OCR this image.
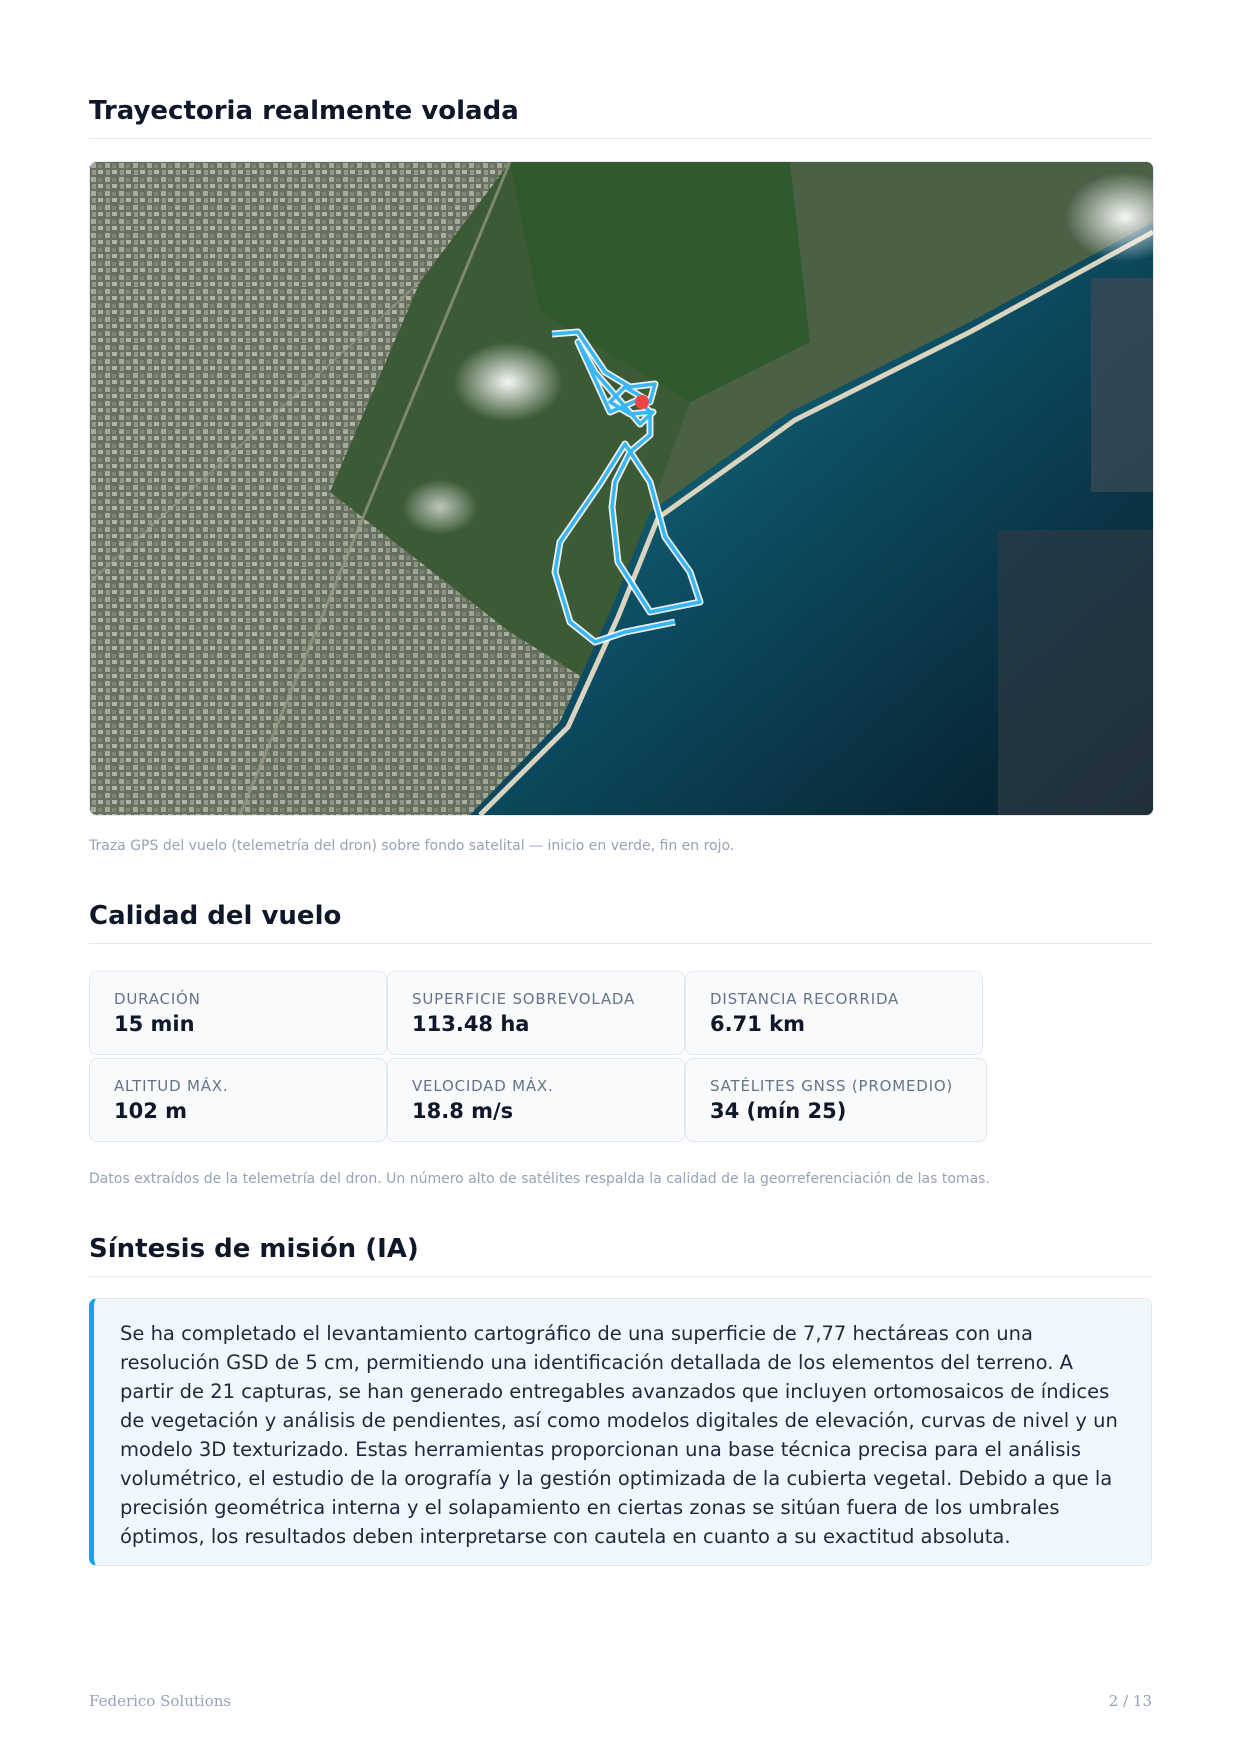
Trayectoria realmente volada
Traza GPS del vuelo (telemetría del dron) sobre fondo satelital — inicio en verde, fin en rojo.
Calidad del vuelo
DURACIÓN
15 min
SUPERFICIE SOBREVOLADA
113.48 ha
DISTANCIA RECORRIDA
6.71 km
ALTITUD MÁX.
102 m
VELOCIDAD MÁX.
18.8 m/s
SATÉLITES GNSS (PROMEDIO)
34 (mín 25)
Datos extraídos de la telemetría del dron. Un número alto de satélites respalda la calidad de la georreferenciación de las tomas.
Síntesis de misión (IA)
Se ha completado el levantamiento cartográfico de una superficie de 7,77 hectáreas con una resolución GSD de 5 cm, permitiendo una identificación detallada de los elementos del terreno. A partir de 21 capturas, se han generado entregables avanzados que incluyen ortomosaicos de índices de vegetación y análisis de pendientes, así como modelos digitales de elevación, curvas de nivel y un modelo 3D texturizado. Estas herramientas proporcionan una base técnica precisa para el análisis volumétrico, el estudio de la orografía y la gestión optimizada de la cubierta vegetal. Debido a que la precisión geométrica interna y el solapamiento en ciertas zonas se sitúan fuera de los umbrales óptimos, los resultados deben interpretarse con cautela en cuanto a su exactitud absoluta.
Federico Solutions	2 / 13
